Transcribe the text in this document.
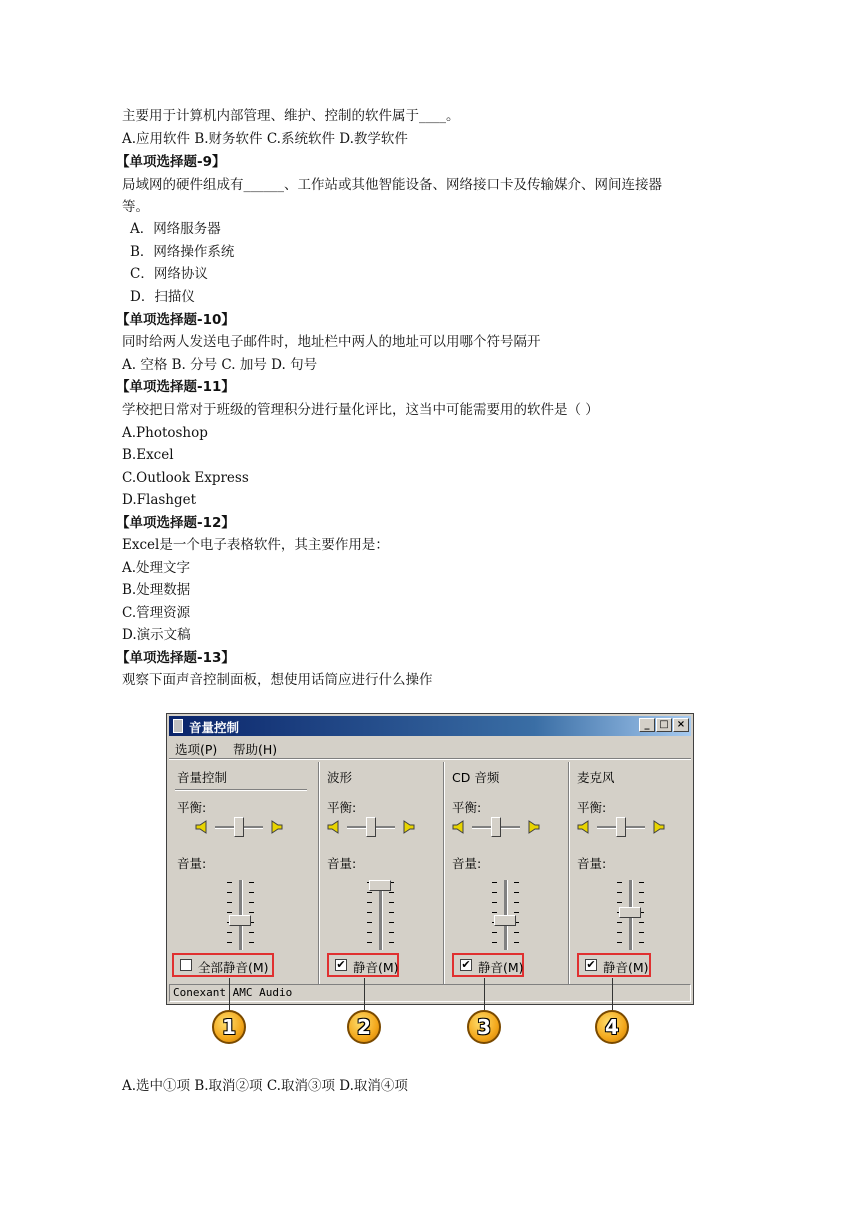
主要用于计算机内部管理、维护、控制的软件属于____。
A.应用软件 B.财务软件 C.系统软件 D.教学软件
【单项选择题-9】
局域网的硬件组成有______、工作站或其他智能设备、网络接口卡及传输媒介、网间连接器
等。
A．网络服务器
B．网络操作系统
C．网络协议
D．扫描仪
【单项选择题-10】
同时给两人发送电子邮件时，地址栏中两人的地址可以用哪个符号隔开
A. 空格 B. 分号 C. 加号 D. 句号
【单项选择题-11】
学校把日常对于班级的管理积分进行量化评比，这当中可能需要用的软件是（ ）
A.Photoshop
B.Excel
C.Outlook Express
D.Flashget
【单项选择题-12】
Excel是一个电子表格软件，其主要作用是：
A.处理文字
B.处理数据
C.管理资源
D.演示文稿
【单项选择题-13】
观察下面声音控制面板，想使用话筒应进行什么操作
音量控制	_ □ ×
选项(P) 帮助(H)
音量控制
平衡:
音量:
全部静音(M)
波形
平衡:
音量:
✔ 静音(M)
CD 音频
平衡:
音量:
✔ 静音(M)
麦克风
平衡:
音量:
✔ 静音(M)
Conexant AMC Audio
1	2	3	4
A.选中①项 B.取消②项 C.取消③项 D.取消④项
